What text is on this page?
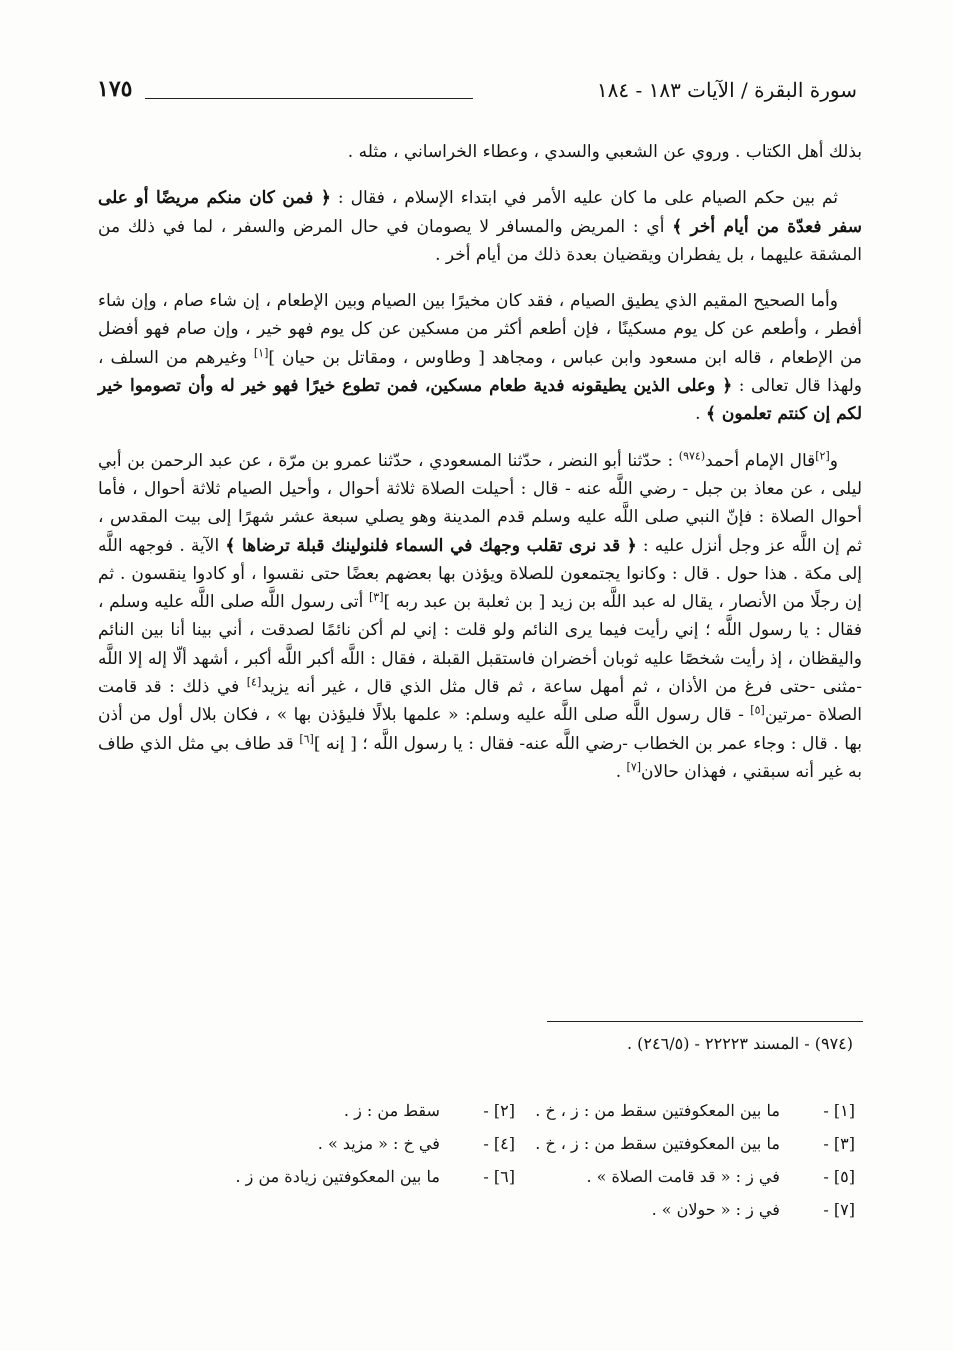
سورة البقرة / الآيات ١٨٣ - ١٨٤
١٧٥

بذلك أهل الكتاب . وروي عن الشعبي والسدي ، وعطاء الخراساني ، مثله .

ثم بين حكم الصيام على ما كان عليه الأمر في ابتداء الإسلام ، فقال : ﴿ فمن كان منكم مريضًا أو على سفر فعدّة من أيام أخر ﴾ أي : المريض والمسافر لا يصومان في حال المرض والسفر ، لما في ذلك من المشقة عليهما ، بل يفطران ويقضيان بعدة ذلك من أيام أخر .

وأما الصحيح المقيم الذي يطيق الصيام ، فقد كان مخيرًا بين الصيام وبين الإطعام ، إن شاء صام ، وإن شاء أفطر ، وأطعم عن كل يوم مسكينًا ، فإن أطعم أكثر من مسكين عن كل يوم فهو خير ، وإن صام فهو أفضل من الإطعام ، قاله ابن مسعود وابن عباس ، ومجاهد [ وطاوس ، ومقاتل بن حيان ][١] وغيرهم من السلف ، ولهذا قال تعالى : ﴿ وعلى الذين يطيقونه فدية طعام مسكين، فمن تطوع خيرًا فهو خير له وأن تصوموا خير لكم إن كنتم تعلمون ﴾ .

و[٢]قال الإمام أحمد$^{(٩٧٤)}$ : حدّثنا أبو النضر ، حدّثنا المسعودي ، حدّثنا عمرو بن مرّة ، عن عبد الرحمن بن أبي ليلى ، عن معاذ بن جبل - رضي اللَّه عنه - قال : أحيلت الصلاة ثلاثة أحوال ، وأحيل الصيام ثلاثة أحوال ، فأما أحوال الصلاة : فإنّ النبي صلى اللَّه عليه وسلم قدم المدينة وهو يصلي سبعة عشر شهرًا إلى بيت المقدس ، ثم إن اللَّه عز وجل أنزل عليه : ﴿ قد نرى تقلب وجهك في السماء فلنولينك قبلة ترضاها ﴾ الآية . فوجهه اللَّه إلى مكة . هذا حول . قال : وكانوا يجتمعون للصلاة ويؤذن بها بعضهم بعضًا حتى نقسوا ، أو كادوا ينقسون . ثم إن رجلًا من الأنصار ، يقال له عبد اللَّه بن زيد [ بن ثعلبة بن عبد ربه ][٣] أتى رسول اللَّه صلى اللَّه عليه وسلم ، فقال : يا رسول اللَّه ؛ إني رأيت فيما يرى النائم ولو قلت : إني لم أكن نائمًا لصدقت ، أني بينا أنا بين النائم واليقظان ، إذ رأيت شخصًا عليه ثوبان أخضران فاستقبل القبلة ، فقال : اللَّه أكبر اللَّه أكبر ، أشهد ألّا إله إلا اللَّه -مثنى -حتى فرغ من الأذان ، ثم أمهل ساعة ، ثم قال مثل الذي قال ، غير أنه يزيد[٤] في ذلك : قد قامت الصلاة -مرتين[٥] - قال رسول اللَّه صلى اللَّه عليه وسلم: « علمها بلالًا فليؤذن بها » ، فكان بلال أول من أذن بها . قال : وجاء عمر بن الخطاب -رضي اللَّه عنه- فقال : يا رسول اللَّه ؛ [ إنه ][٦] قد طاف بي مثل الذي طاف به غير أنه سبقني ، فهذان حالان[٧] .

(٩٧٤) - المسند ٢٢٢٢٣ - (٢٤٦/٥) .
[١] - ما بين المعكوفتين سقط من : ز ، خ .
[٢] - سقط من : ز .
[٣] - ما بين المعكوفتين سقط من : ز ، خ .
[٤] - في خ : « مزيد » .
[٥] - في ز : « قد قامت الصلاة » .
[٦] - ما بين المعكوفتين زيادة من ز .
[٧] - في ز : « حولان » .
